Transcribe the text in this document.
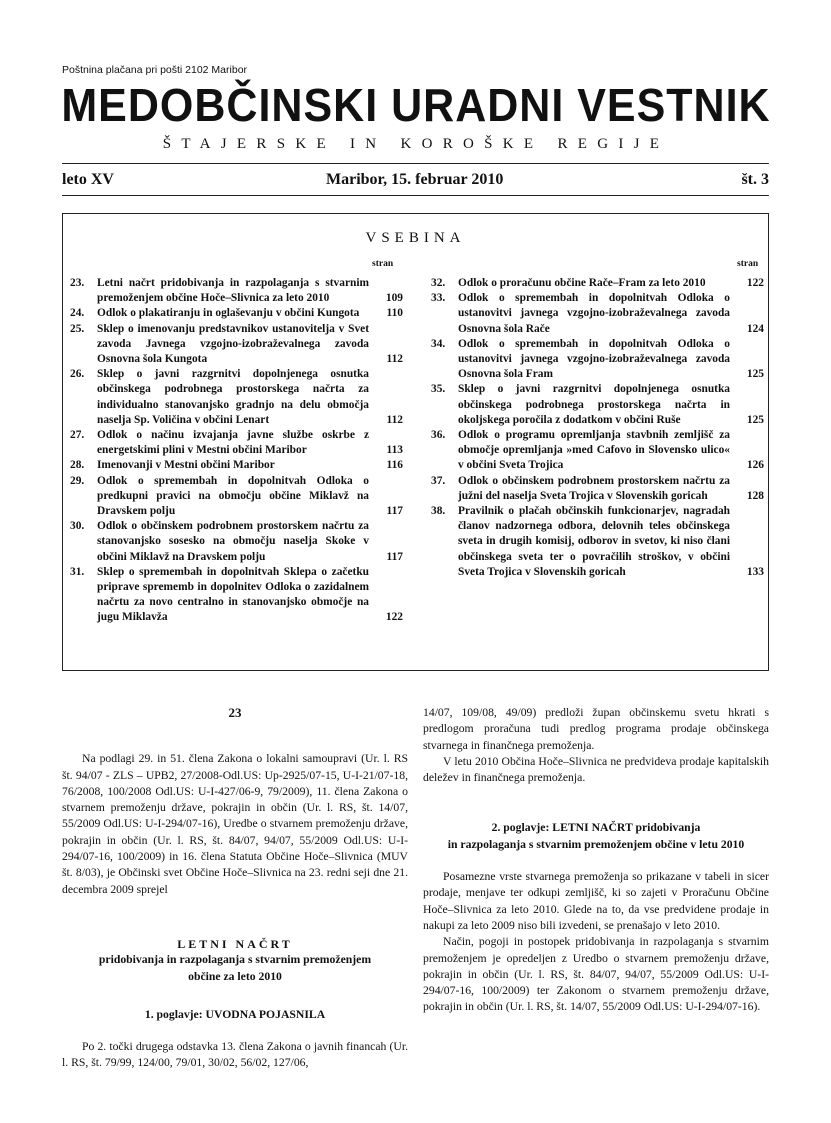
Poštnina plačana pri pošti 2102 Maribor
MEDOBČINSKI URADNI VESTNIK
ŠTAJERSKE IN KOROŠKE REGIJE
leto XV	Maribor, 15. februar 2010	št. 3
VSEBINA
stran	stran
23.	Letni načrt pridobivanja in razpolaganja s stvarnim premoženjem občine Hoče–Slivnica za leto 2010	109
24.	Odlok o plakatiranju in oglaševanju v občini Kungota	110
25.	Sklep o imenovanju predstavnikov ustanovitelja v Svet zavoda Javnega vzgojno-izobraževalnega zavoda Osnovna šola Kungota	112
26.	Sklep o javni razgrnitvi dopolnjenega osnutka občinskega podrobnega prostorskega načrta za individualno stanovanjsko gradnjo na delu območja naselja Sp. Voličina v občini Lenart	112
27.	Odlok o načinu izvajanja javne službe oskrbe z energetskimi plini v Mestni občini Maribor	113
28.	Imenovanji v Mestni občini Maribor	116
29.	Odlok o spremembah in dopolnitvah Odloka o predkupni pravici na območju občine Miklavž na Dravskem polju	117
30.	Odlok o občinskem podrobnem prostorskem načrtu za stanovanjsko sosesko na območju naselja Skoke v občini Miklavž na Dravskem polju	117
31.	Sklep o spremembah in dopolnitvah Sklepa o začetku priprave sprememb in dopolnitev Odloka o zazidalnem načrtu za novo centralno in stanovanjsko območje na jugu Miklavža	122
32.	Odlok o proračunu občine Rače–Fram za leto 2010	122
33.	Odlok o spremembah in dopolnitvah Odloka o ustanovitvi javnega vzgojno-izobraževalnega zavoda Osnovna šola Rače	124
34.	Odlok o spremembah in dopolnitvah Odloka o ustanovitvi javnega vzgojno-izobraževalnega zavoda Osnovna šola Fram	125
35.	Sklep o javni razgrnitvi dopolnjenega osnutka občinskega podrobnega prostorskega načrta in okoljskega poročila z dodatkom v občini Ruše	125
36.	Odlok o programu opremljanja stavbnih zemljišč za območje opremljanja »med Cafovo in Slovensko ulico« v občini Sveta Trojica	126
37.	Odlok o občinskem podrobnem prostorskem načrtu za južni del naselja Sveta Trojica v Slovenskih goricah	128
38.	Pravilnik o plačah občinskih funkcionarjev, nagradah članov nadzornega odbora, delovnih teles občinskega sveta in drugih komisij, odborov in svetov, ki niso člani občinskega sveta ter o povračilih stroškov, v občini Sveta Trojica v Slovenskih goricah	133
23

Na podlagi 29. in 51. člena Zakona o lokalni samoupravi (Ur. l. RS št. 94/07 - ZLS – UPB2, 27/2008-Odl.US: Up-2925/07-15, U-I-21/07-18, 76/2008, 100/2008 Odl.US: U-I-427/06-9, 79/2009), 11. člena Zakona o stvarnem premoženju države, pokrajin in občin (Ur. l. RS, št. 14/07, 55/2009 Odl.US: U-I-294/07-16), Uredbe o stvarnem premoženju države, pokrajin in občin (Ur. l. RS, št. 84/07, 94/07, 55/2009 Odl.US: U-I-294/07-16, 100/2009) in 16. člena Statuta Občine Hoče–Slivnica (MUV št. 8/03), je Občinski svet Občine Hoče–Slivnica na 23. redni seji dne 21. decembra 2009 sprejel

LETNI NAČRT
pridobivanja in razpolaganja s stvarnim premoženjem
občine za leto 2010
1. poglavje: UVODNA POJASNILA

Po 2. točki drugega odstavka 13. člena Zakona o javnih financah (Ur. l. RS, št. 79/99, 124/00, 79/01, 30/02, 56/02, 127/06,

14/07, 109/08, 49/09) predloži župan občinskemu svetu hkrati s predlogom proračuna tudi predlog programa prodaje občinskega stvarnega in finančnega premoženja.

V letu 2010 Občina Hoče–Slivnica ne predvideva prodaje kapitalskih deležev in finančnega premoženja.

2. poglavje: LETNI NAČRT pridobivanja
in razpolaganja s stvarnim premoženjem občine v letu 2010

Posamezne vrste stvarnega premoženja so prikazane v tabeli in sicer prodaje, menjave ter odkupi zemljišč, ki so zajeti v Proračunu Občine Hoče–Slivnica za leto 2010. Glede na to, da vse predvidene prodaje in nakupi za leto 2009 niso bili izvedeni, se prenašajo v leto 2010.

Način, pogoji in postopek pridobivanja in razpolaganja s stvarnim premoženjem je opredeljen z Uredbo o stvarnem premoženju države, pokrajin in občin (Ur. l. RS, št. 84/07, 94/07, 55/2009 Odl.US: U-I-294/07-16, 100/2009) ter Zakonom o stvarnem premoženju države, pokrajin in občin (Ur. l. RS, št. 14/07, 55/2009 Odl.US: U-I-294/07-16).
